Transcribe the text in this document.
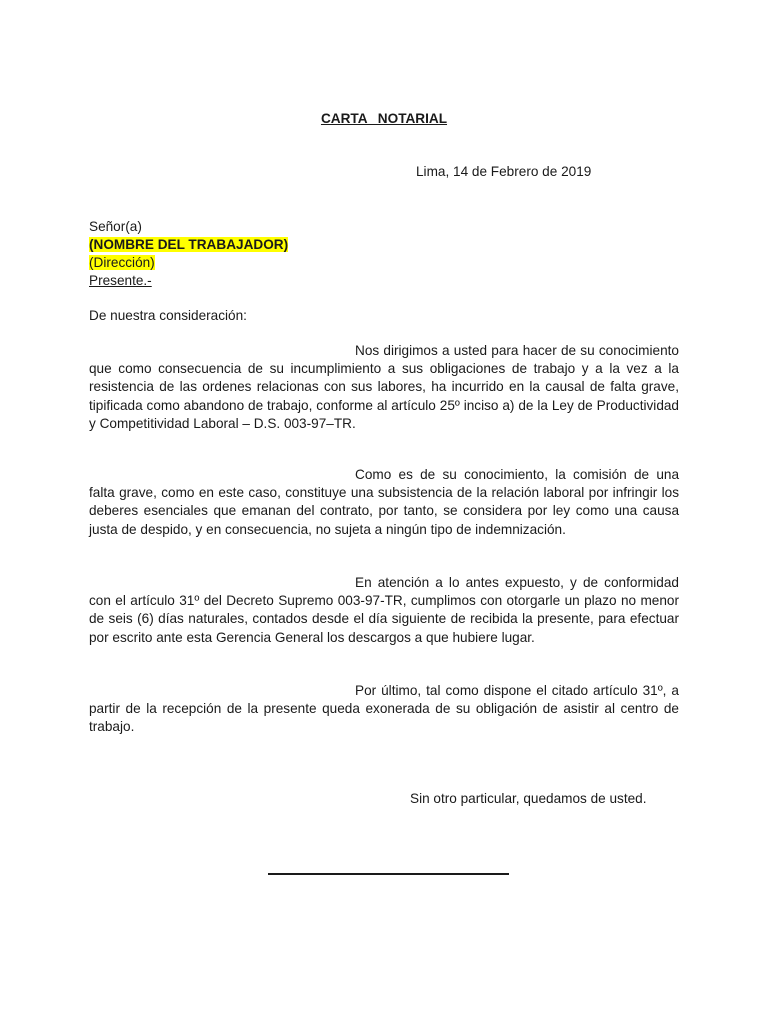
CARTA NOTARIAL
Lima, 14 de Febrero de 2019
Señor(a)
(NOMBRE DEL TRABAJADOR)
(Dirección)
Presente.-
De nuestra consideración:
Nos dirigimos a usted para hacer de su conocimiento que como consecuencia de su incumplimiento a sus obligaciones de trabajo y a la vez a la resistencia de las ordenes relacionas con sus labores, ha incurrido en la causal de falta grave, tipificada como abandono de trabajo, conforme al artículo 25º inciso a) de la Ley de Productividad y Competitividad Laboral – D.S. 003-97–TR.
Como es de su conocimiento, la comisión de una falta grave, como en este caso, constituye una subsistencia de la relación laboral por infringir los deberes esenciales que emanan del contrato, por tanto, se considera por ley como una causa justa de despido, y en consecuencia, no sujeta a ningún tipo de indemnización.
En atención a lo antes expuesto, y de conformidad con el artículo 31º del Decreto Supremo 003-97-TR, cumplimos con otorgarle un plazo no menor de seis (6) días naturales, contados desde el día siguiente de recibida la presente, para efectuar por escrito ante esta Gerencia General los descargos a que hubiere lugar.
Por último, tal como dispone el citado artículo 31º, a partir de la recepción de la presente queda exonerada de su obligación de asistir al centro de trabajo.
Sin otro particular, quedamos de usted.
